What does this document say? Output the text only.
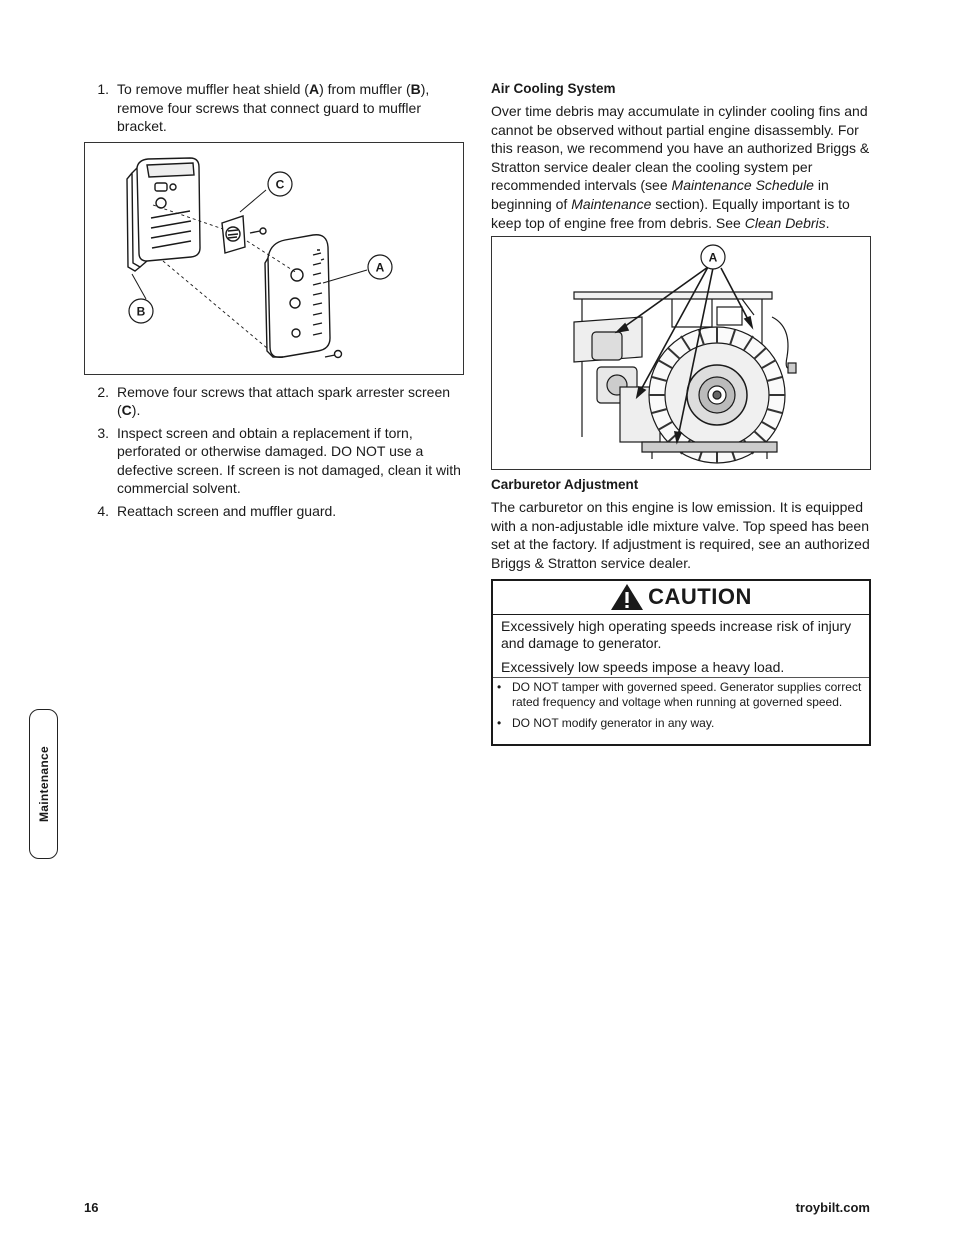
1. To remove muffler heat shield (A) from muffler (B), remove four screws that connect guard to muffler bracket.
C
A
B
2. Remove four screws that attach spark arrester screen (C).
3. Inspect screen and obtain a replacement if torn, perforated or otherwise damaged. DO NOT use a defective screen. If screen is not damaged, clean it with commercial solvent.
4. Reattach screen and muffler guard.
Air Cooling System
Over time debris may accumulate in cylinder cooling fins and cannot be observed without partial engine disassembly. For this reason, we recommend you have an authorized Briggs & Stratton service dealer clean the cooling system per recommended intervals (see Maintenance Schedule in beginning of Maintenance section). Equally important is to keep top of engine free from debris. See Clean Debris.
A
Carburetor Adjustment
The carburetor on this engine is low emission. It is equipped with a non-adjustable idle mixture valve. Top speed has been set at the factory. If adjustment is required, see an authorized Briggs & Stratton service dealer.
CAUTION

Excessively high operating speeds increase risk of injury and damage to generator.

Excessively low speeds impose a heavy load.

• DO NOT tamper with governed speed. Generator supplies correct rated frequency and voltage when running at governed speed.
• DO NOT modify generator in any way.
Maintenance
16	troybilt.com
